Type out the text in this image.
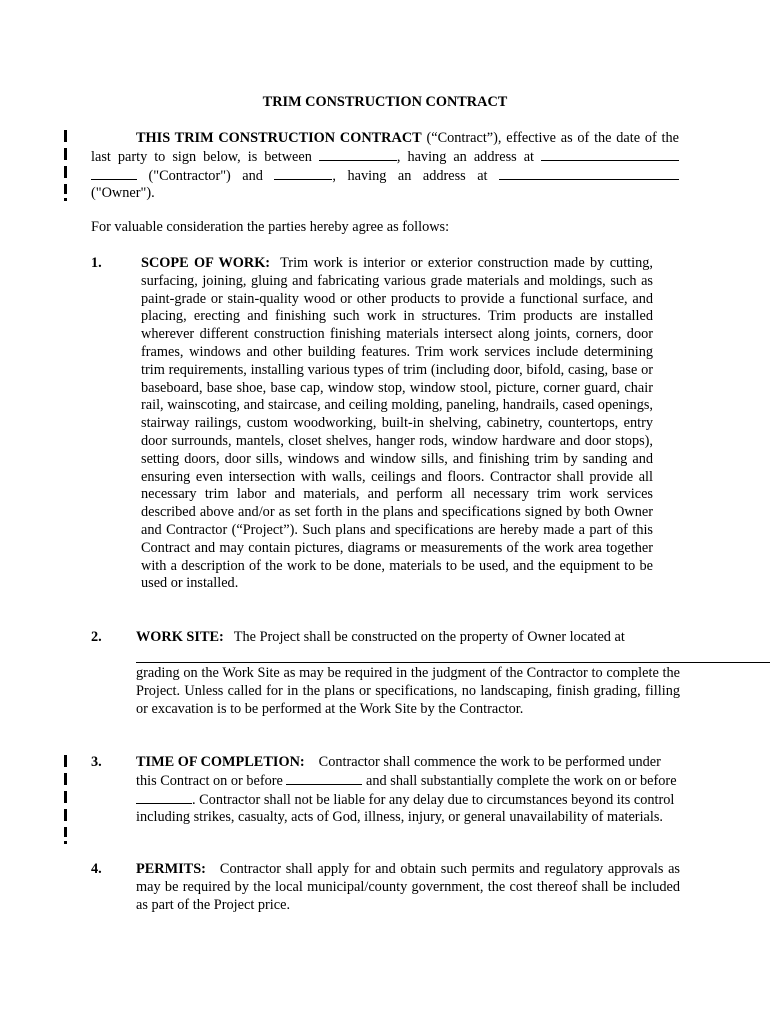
TRIM CONSTRUCTION CONTRACT
THIS TRIM CONSTRUCTION CONTRACT (“Contract”), effective as of the date of the last party to sign below, is between	, having an address at   ("Contractor") and	, having an address at  ("Owner").
For valuable consideration the parties hereby agree as follows:
1.	SCOPE OF WORK: Trim work is interior or exterior construction made by cutting, surfacing, joining, gluing and fabricating various grade materials and moldings, such as paint-grade or stain-quality wood or other products to provide a functional surface, and placing, erecting and finishing such work in structures. Trim products are installed wherever different construction finishing materials intersect along joints, corners, door frames, windows and other building features. Trim work services include determining trim requirements, installing various types of trim (including door, bifold, casing, base or baseboard, base shoe, base cap, window stop, window stool, picture, corner guard, chair rail, wainscoting, and staircase, and ceiling molding, paneling, handrails, cased openings, stairway railings, custom woodworking, built-in shelving, cabinetry, countertops, entry door surrounds, mantels, closet shelves, hanger rods, window hardware and door stops), setting doors, door sills, windows and window sills, and finishing trim by sanding and ensuring even intersection with walls, ceilings and floors. Contractor shall provide all necessary trim labor and materials, and perform all necessary trim work services described above and/or as set forth in the plans and specifications signed by both Owner and Contractor (“Project”). Such plans and specifications are hereby made a part of this Contract and may contain pictures, diagrams or measurements of the work area together with a description of the work to be done, materials to be used, and the equipment to be used or installed.
2. WORK SITE: The Project shall be constructed on the property of Owner located at
grading on the Work Site as may be required in the judgment of the Contractor to complete the Project. Unless called for in the plans or specifications, no landscaping, finish grading, filling or excavation is to be performed at the Work Site by the Contractor.
3. TIME OF COMPLETION: Contractor shall commence the work to be performed under this Contract on or before	and shall substantially complete the work on or before . Contractor shall not be liable for any delay due to circumstances beyond its control including strikes, casualty, acts of God, illness, injury, or general unavailability of materials.
4. PERMITS: Contractor shall apply for and obtain such permits and regulatory approvals as may be required by the local municipal/county government, the cost thereof shall be included as part of the Project price.
